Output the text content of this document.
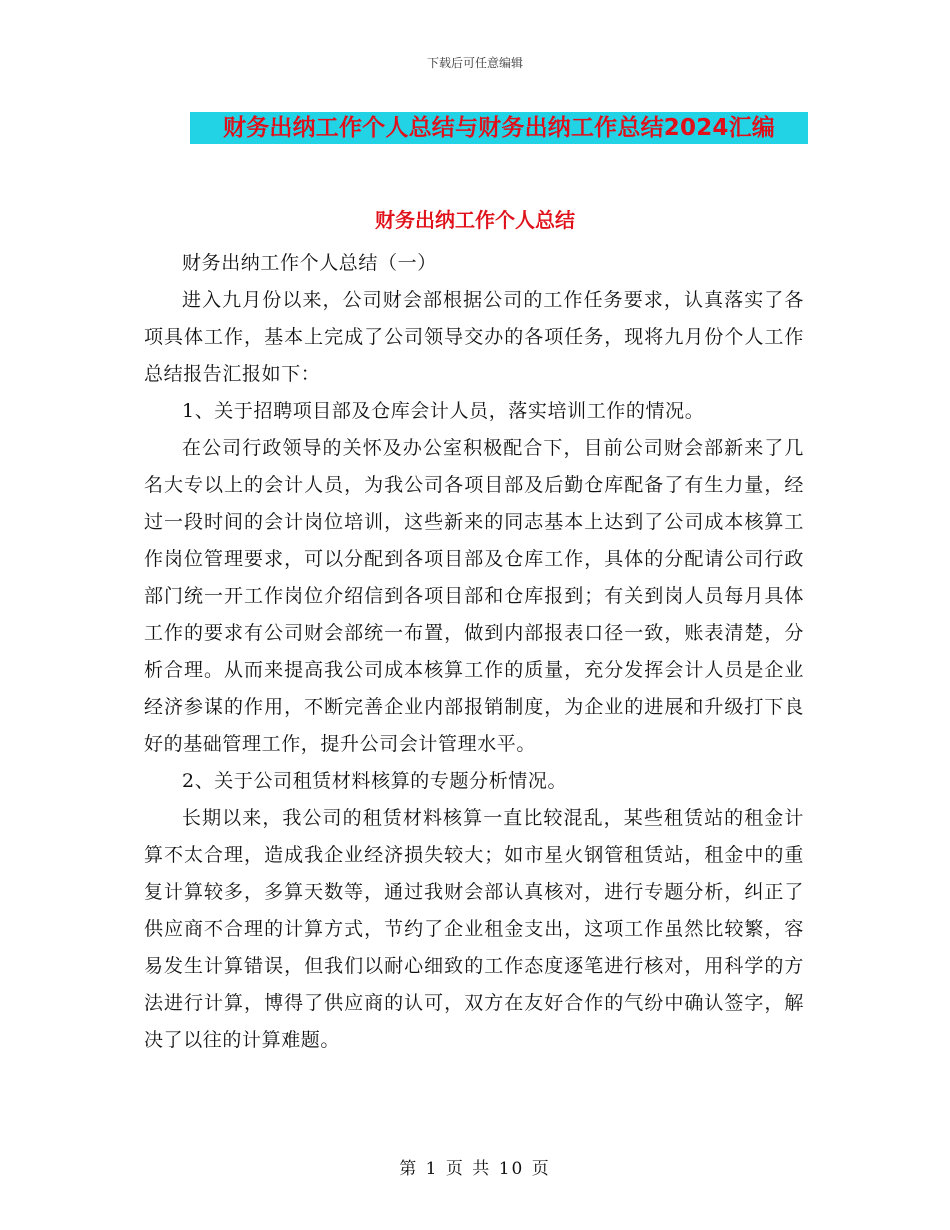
下载后可任意编辑
财务出纳工作个人总结与财务出纳工作总结2024汇编
财务出纳工作个人总结

财务出纳工作个人总结（一）

进入九月份以来，公司财会部根据公司的工作任务要求，认真落实了各项具体工作，基本上完成了公司领导交办的各项任务，现将九月份个人工作总结报告汇报如下：

1、关于招聘项目部及仓库会计人员，落实培训工作的情况。

在公司行政领导的关怀及办公室积极配合下，目前公司财会部新来了几名大专以上的会计人员，为我公司各项目部及后勤仓库配备了有生力量，经过一段时间的会计岗位培训，这些新来的同志基本上达到了公司成本核算工作岗位管理要求，可以分配到各项目部及仓库工作，具体的分配请公司行政部门统一开工作岗位介绍信到各项目部和仓库报到；有关到岗人员每月具体工作的要求有公司财会部统一布置，做到内部报表口径一致，账表清楚，分析合理。从而来提高我公司成本核算工作的质量，充分发挥会计人员是企业经济参谋的作用，不断完善企业内部报销制度，为企业的进展和升级打下良好的基础管理工作，提升公司会计管理水平。

2、关于公司租赁材料核算的专题分析情况。

长期以来，我公司的租赁材料核算一直比较混乱，某些租赁站的租金计算不太合理，造成我企业经济损失较大；如市星火钢管租赁站，租金中的重复计算较多，多算天数等，通过我财会部认真核对，进行专题分析，纠正了供应商不合理的计算方式，节约了企业租金支出，这项工作虽然比较繁，容易发生计算错误，但我们以耐心细致的工作态度逐笔进行核对，用科学的方法进行计算，博得了供应商的认可，双方在友好合作的气纷中确认签字，解决了以往的计算难题。

第 1 页 共 10 页
